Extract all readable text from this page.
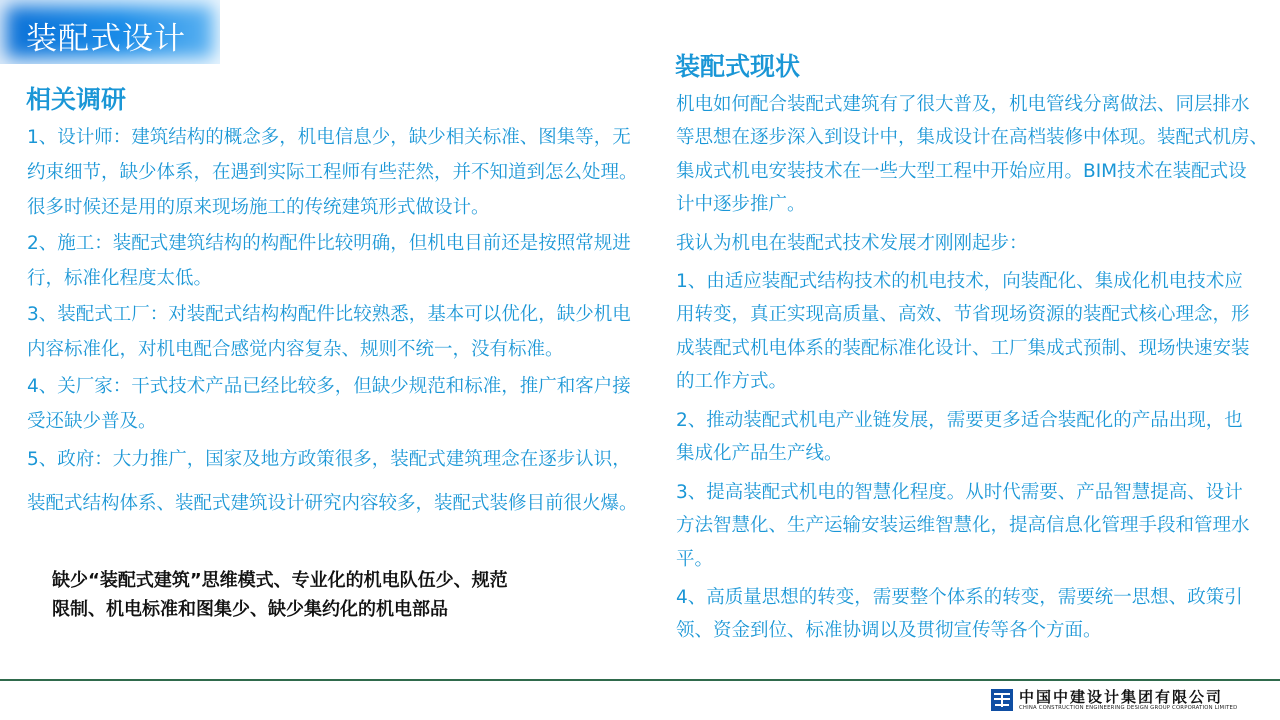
装配式设计
相关调研
1、设计师：建筑结构的概念多，机电信息少，缺少相关标准、图集等，无
约束细节，缺少体系，在遇到实际工程师有些茫然，并不知道到怎么处理。
很多时候还是用的原来现场施工的传统建筑形式做设计。
2、施工：装配式建筑结构的构配件比较明确，但机电目前还是按照常规进
行，标准化程度太低。
3、装配式工厂：对装配式结构构配件比较熟悉，基本可以优化，缺少机电
内容标准化，对机电配合感觉内容复杂、规则不统一，没有标准。
4、关厂家：干式技术产品已经比较多，但缺少规范和标准，推广和客户接
受还缺少普及。
5、政府：大力推广，国家及地方政策很多，装配式建筑理念在逐步认识，
装配式结构体系、装配式建筑设计研究内容较多，装配式装修目前很火爆。
缺少“装配式建筑”思维模式、专业化的机电队伍少、规范
限制、机电标准和图集少、缺少集约化的机电部品
装配式现状
机电如何配合装配式建筑有了很大普及，机电管线分离做法、同层排水
等思想在逐步深入到设计中，集成设计在高档装修中体现。装配式机房、
集成式机电安装技术在一些大型工程中开始应用。BIM技术在装配式设
计中逐步推广。
我认为机电在装配式技术发展才刚刚起步：
1、由适应装配式结构技术的机电技术，向装配化、集成化机电技术应
用转变，真正实现高质量、高效、节省现场资源的装配式核心理念，形
成装配式机电体系的装配标准化设计、工厂集成式预制、现场快速安装
的工作方式。
2、推动装配式机电产业链发展，需要更多适合装配化的产品出现，也
集成化产品生产线。
3、提高装配式机电的智慧化程度。从时代需要、产品智慧提高、设计
方法智慧化、生产运输安装运维智慧化，提高信息化管理手段和管理水
平。
4、高质量思想的转变，需要整个体系的转变，需要统一思想、政策引
领、资金到位、标准协调以及贯彻宣传等各个方面。
中国中建设计集团有限公司
CHINA CONSTRUCTION ENGINEERING DESIGN GROUP CORPORATION LIMITED
